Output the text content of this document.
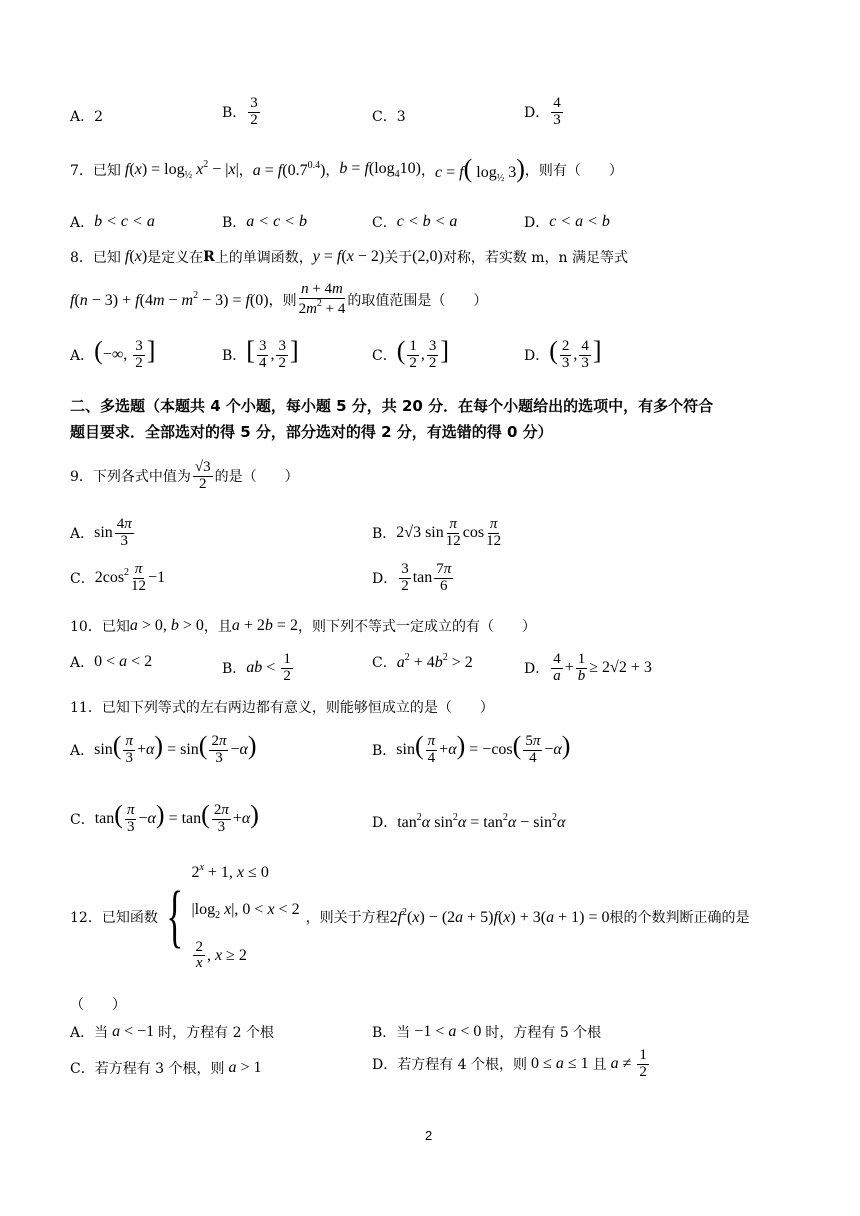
A．2	B． $\frac{3}{2}$	C．3	D． $\frac{4}{3}$
7．已知 $f(x) = \log_{\frac{1}{2}} x^2 - |x|$ ， $a = f(0.7^{0.4})$ ， $b = f(\log_410)$ ， c = f( $\log_{\frac{1}{2}} 3$) ，则有（　　）
A． b < c < a	B． a < c < b	C． c < b < a	D． c < a < b
8．已知 f(x) 是定义在 R 上的单调函数， y = f(x − 2) 关于 (2,0) 对称，若实数 m，n 满足等式
$f(n - 3) + f(4m - m^2 - 3) = f(0)$ ，则 $\frac{n + 4m}{2m^2 + 4}$ 的取值范围是（　　）
A． (−∞, $\frac{3}{2}$ ]	B． [ $\frac{3}{4}$ , $\frac{3}{2}$ ]	C． ( $\frac{1}{2}$ , $\frac{3}{2}$ ]	D． ( $\frac{2}{3}$ , $\frac{4}{3}$ ]
二、多选题（本题共 4 个小题，每小题 5 分，共 20 分．在每个小题给出的选项中，有多个符合
题目要求．全部选对的得 5 分，部分选对的得 2 分，有选错的得 0 分）
9．下列各式中值为 $\frac{√3}{2}$ 的是（　　）
A． $\sin \frac{4\pi}{3}$	B． 2√3 $\sin \frac{\pi}{12}$ $\cos \frac{\pi}{12}$
C． $2\cos^2 \frac{\pi}{12} -1$	D． $\frac{3}{2}$ $\tan \frac{7\pi}{6}$
10．已知 a > 0, b > 0 ，且 a + 2b = 2 ，则下列不等式一定成立的有（　　）
A． 0 < a < 2	B． ab < $\frac{1}{2}$	C． $a^2 + 4b^2 > 2$	D． $\frac{4}{a} + \frac{1}{b} \ge 2√2 + 3$
11．已知下列等式的左右两边都有意义，则能够恒成立的是（　　）
A． $\sin( \frac{\pi}{3} +\alpha) = \sin( \frac{2\pi}{3} -\alpha)$	B． $\sin( \frac{\pi}{4} +\alpha) = -\cos( \frac{5\pi}{4} -\alpha)$
C． $\tan( \frac{\pi}{3} -\alpha) = \tan( \frac{2\pi}{3} +\alpha)$	D． $\tan^2\alpha$ $\sin^2\alpha = \tan^2\alpha - \sin^2\alpha$
12．已知函数 {
$2^x + 1$, x ≤ 0
$|\log_2$ x|, 0 < x < 2
$\frac{2}{x}$ , x ≥ 2
，则关于方程 $2f^2(x) - (2a + 5)f(x) + 3(a + 1) = 0$ 根的个数判断正确的是
（　　）
A．当 a < −1 时，方程有 2 个根	B．当 −1 < a < 0 时，方程有 5 个根
C．若方程有 3 个根，则 a > 1	D．若方程有 4 个根，则 0 ≤ a ≤ 1 且 $a \ne \frac{1}{2}$
2
